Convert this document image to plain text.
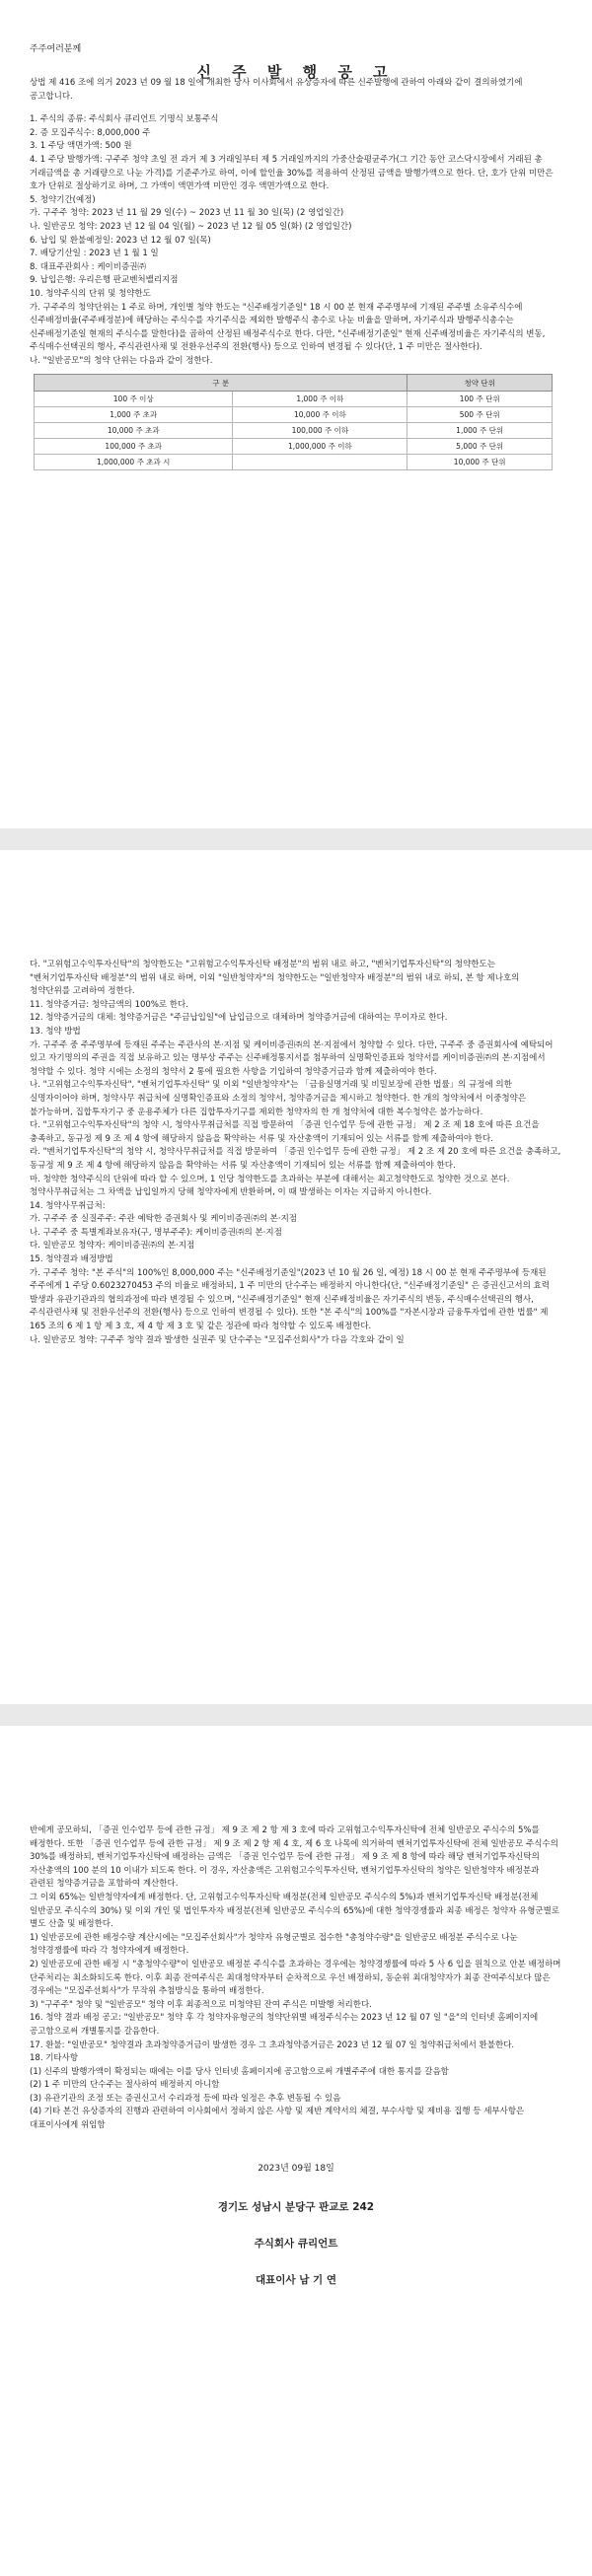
주주여러분께
신 주 발 행 공 고

상법 제 416 조에 의거 2023 년 09 월 18 일에 개최한 당사 이사회에서 유상증자에 따른 신주발행에 관하여 아래와 같이 결의하였기에 공고합니다.

1. 주식의 종류: 주식회사 큐리언트 기명식 보통주식

2. 증 모집주식수: 8,000,000 주

3. 1 주당 액면가액: 500 원

4. 1 주당 발행가액: 구주주 청약 초일 전 과거 제 3 거래일부터 제 5 거래일까지의 가중산술평균주가(그 기간 동안 코스닥시장에서 거래된 총 거래금액을 총 거래량으로 나눈 가격)를 기준주가로 하여, 이에 할인율 30%를 적용하여 산정된 금액을 발행가액으로 한다. 단, 호가 단위 미만은 호가 단위로 절상하기로 하며, 그 가액이 액면가액 미만인 경우 액면가액으로 한다.

5. 청약기간(예정)

가. 구주주 청약: 2023 년 11 월 29 일(수) ~ 2023 년 11 월 30 일(목) (2 영업일간)

나. 일반공모 청약: 2023 년 12 월 04 일(월) ~ 2023 년 12 월 05 일(화) (2 영업일간)

6. 납입 및 환불예정일: 2023 년 12 월 07 일(목)

7. 배당기산일 : 2023 년 1 월 1 일

8. 대표주관회사 : 케이비증권㈜

9. 납입은행: 우리은행 판교벤처밸리지점

10. 청약주식의 단위 및 청약한도

가. 구주주의 청약단위는 1 주로 하며, 개인별 청약 한도는 "신주배정기준일" 18 시 00 분 현재 주주명부에 기재된 주주별 소유주식수에 신주배정비율(주주배정분)에 해당하는 주식수를 자기주식을 제외한 발행주식 총수로 나눈 비율을 말하며, 자기주식과 발행주식총수는 신주배정기준일 현재의 주식수를 말한다)을 곱하여 산정된 배정주식수로 한다. 다만, "신주배정기준일" 현재 신주배정비율은 자기주식의 변동, 주식매수선택권의 행사, 주식관련사채 및 전환우선주의 전환(행사) 등으로 인하여 변경될 수 있다(단, 1 주 미만은 절사한다).

나. "일반공모"의 청약 단위는 다음과 같이 정한다.

구 분		청약 단위
100 주 이상	1,000 주 이하	100 주 단위
1,000 주 초과	10,000 주 이하	500 주 단위
10,000 주 초과	100,000 주 이하	1,000 주 단위
100,000 주 초과	1,000,000 주 이하	5,000 주 단위
1,000,000 주 초과 시		10,000 주 단위

다. "고위험고수익투자신탁"의 청약한도는 "고위험고수익투자신탁 배정분"의 범위 내로 하고, "벤처기업투자신탁"의 청약한도는 "벤처기업투자신탁 배정분"의 범위 내로 하며, 이외 "일반청약자"의 청약한도는 "일반청약자 배정분"의 범위 내로 하되, 본 항 제나호의 청약단위를 고려하여 정한다.

11. 청약증거금: 청약금액의 100%로 한다.

12. 청약증거금의 대체: 청약증거금은 "주금납입일"에 납입금으로 대체하며 청약증거금에 대하여는 무이자로 한다.

13. 청약 방법

가. 구주주 중 주주명부에 등재된 주주는 주관사의 본·지점 및 케이비증권㈜의 본·지점에서 청약할 수 있다. 다만, 구주주 중 증권회사에 예탁되어 있고 자기명의의 주권을 직접 보유하고 있는 명부상 주주는 신주배정통지서를 첨부하여 실명확인증표와 청약서를 케이비증권㈜의 본·지점에서 청약할 수 있다. 청약 시에는 소정의 청약서 2 통에 필요한 사항을 기입하여 청약증거금과 함께 제출하여야 한다.

나. "고위험고수익투자신탁", "벤처기업투자신탁" 및 이외 "일반청약자"는 「금융실명거래 및 비밀보장에 관한 법률」의 규정에 의한 실명자이어야 하며, 청약사무 취급처에 실명확인증표와 소정의 청약서, 청약증거금을 제시하고 청약한다. 한 개의 청약처에서 이중청약은 불가능하며, 집합투자기구 중 운용주체가 다른 집합투자기구를 제외한 청약자의 한 개 청약처에 대한 복수청약은 불가능하다.

다. "고위험고수익투자신탁"의 청약 시, 청약사무취급처를 직접 방문하여 「증권 인수업무 등에 관한 규정」 제 2 조 제 18 호에 따른 요건을 충족하고, 동규정 제 9 조 제 4 항에 해당하지 않음을 확약하는 서류 및 자산총액이 기재되어 있는 서류를 함께 제출하여야 한다.

라. "벤처기업투자신탁"의 청약 시, 청약사무취급처를 직접 방문하여 「증권 인수업무 등에 관한 규정」 제 2 조 제 20 호에 따른 요건을 충족하고, 동규정 제 9 조 제 4 항에 해당하지 않음을 확약하는 서류 및 자산총액이 기재되어 있는 서류를 함께 제출하여야 한다.

마. 청약한 청약주식의 단위에 따라 할 수 있으며, 1 인당 청약한도를 초과하는 부분에 대해서는 최고청약한도로 청약한 것으로 본다. 청약사무취급처는 그 차액을 납입일까지 당해 청약자에게 반환하며, 이 때 발생하는 이자는 지급하지 아니한다.

14. 청약사무취급처:

가. 구주주 중 실질주주: 주관 예탁한 증권회사 및 케이비증권㈜의 본·지점

나. 구주주 중 특별계좌보유자(구, 명부주주): 케이비증권㈜의 본·지점

다. 일반공모 청약자: 케이비증권㈜의 본·지점

15. 청약결과 배정방법

가. 구주주 청약: "본 주식"의 100%인 8,000,000 주는 "신주배정기준일"(2023 년 10 월 26 일, 예정) 18 시 00 분 현재 주주명부에 등재된 주주에게 1 주당 0.6023270453 주의 비율로 배정하되, 1 주 미만의 단수주는 배정하지 아니한다(단, "신주배정기준일" 은 증권신고서의 효력 발생과 유관기관과의 협의과정에 따라 변경될 수 있으며, "신주배정기준일" 현재 신주배정비율은 자기주식의 변동, 주식매수선택권의 행사, 주식관련사채 및 전환우선주의 전환(행사) 등으로 인하여 변경될 수 있다). 또한 "본 주식"의 100%를 "자본시장과 금융투자업에 관한 법률" 제 165 조의 6 제 1 항 제 3 호, 제 4 항 제 3 호 및 같은 정관에 따라 청약할 수 있도록 배정한다.

나. 일반공모 청약: 구주주 청약 결과 발생한 실권주 및 단수주는 "모집주선회사"가 다음 각호와 같이 일

반에게 공모하되, 「증권 인수업무 등에 관한 규정」 제 9 조 제 2 항 제 3 호에 따라 고위험고수익투자신탁에 전체 일반공모 주식수의 5%를 배정한다. 또한 「증권 인수업무 등에 관한 규정」 제 9 조 제 2 항 제 4 호, 제 6 호 나목에 의거하여 벤처기업투자신탁에 전체 일반공모 주식수의 30%를 배정하되, 벤처기업투자신탁에 배정하는 금액은 「증권 인수업무 등에 관한 규정」 제 9 조 제 8 항에 따라 해당 벤처기업투자신탁의 자산총액의 100 분의 10 이내가 되도록 한다. 이 경우, 자산총액은 고위험고수익투자신탁, 벤처기업투자신탁의 청약은 일반청약자 배정분과 관련된 청약증거금을 포함하여 계산한다.

그 이외 65%는 일반청약자에게 배정한다. 단, 고위험고수익투자신탁 배정분(전체 일반공모 주식수의 5%)과 벤처기업투자신탁 배정분(전체 일반공모 주식수의 30%) 및 이외 개인 및 법인투자자 배정분(전체 일반공모 주식수의 65%)에 대한 청약경쟁률과 최종 배정은 청약자 유형군별로 별도 산출 및 배정한다.

1) 일반공모에 관한 배정수량 계산시에는 "모집주선회사"가 청약자 유형군별로 접수한 "총청약수량"을 일반공모 배정분 주식수로 나눈 청약경쟁률에 따라 각 청약자에게 배정한다.

2) 일반공모에 관한 배정 시 "총청약수량"이 일반공모 배정분 주식수를 초과하는 경우에는 청약경쟁률에 따라 5 사 6 입을 원칙으로 안분 배정하며 단주처리는 최소화되도록 한다. 이후 최종 잔여주식은 최대청약자부터 순차적으로 우선 배정하되, 동순위 최대청약자가 최종 잔여주식보다 많은 경우에는 "모집주선회사"가 무작위 추첨방식을 통하여 배정한다.

3) "구주주" 청약 및 "일반공모" 청약 이후 최종적으로 미청약된 잔여 주식은 미발행 처리한다.

16. 청약 결과 배정 공고: "일반공모" 청약 후 각 청약자유형군의 청약단위별 배정주식수는 2023 년 12 월 07 일 "을"의 인터넷 홈페이지에 공고함으로써 개별통지를 갈음한다.

17. 환불: "일반공모" 청약결과 초과청약증거금이 발생한 경우 그 초과청약증거금은 2023 년 12 월 07 일 청약취급처에서 환불한다.

18. 기타사항

(1) 신주의 발행가액이 확정되는 때에는 이를 당사 인터넷 홈페이지에 공고함으로써 개별주주에 대한 통지를 갈음함

(2) 1 주 미만의 단수주는 절사하여 배정하지 아니함

(3) 유관기관의 조정 또는 증권신고서 수리과정 등에 따라 일정은 추후 변동될 수 있음

(4) 기타 본건 유상증자의 진행과 관련하여 이사회에서 정하지 않은 사항 및 제반 계약서의 체결, 부수사항 및 제비용 집행 등 세부사항은 대표이사에게 위임함

2023년 09월 18일
경기도 성남시 분당구 판교로 242
주식회사 큐리언트
대표이사 남 기 연
